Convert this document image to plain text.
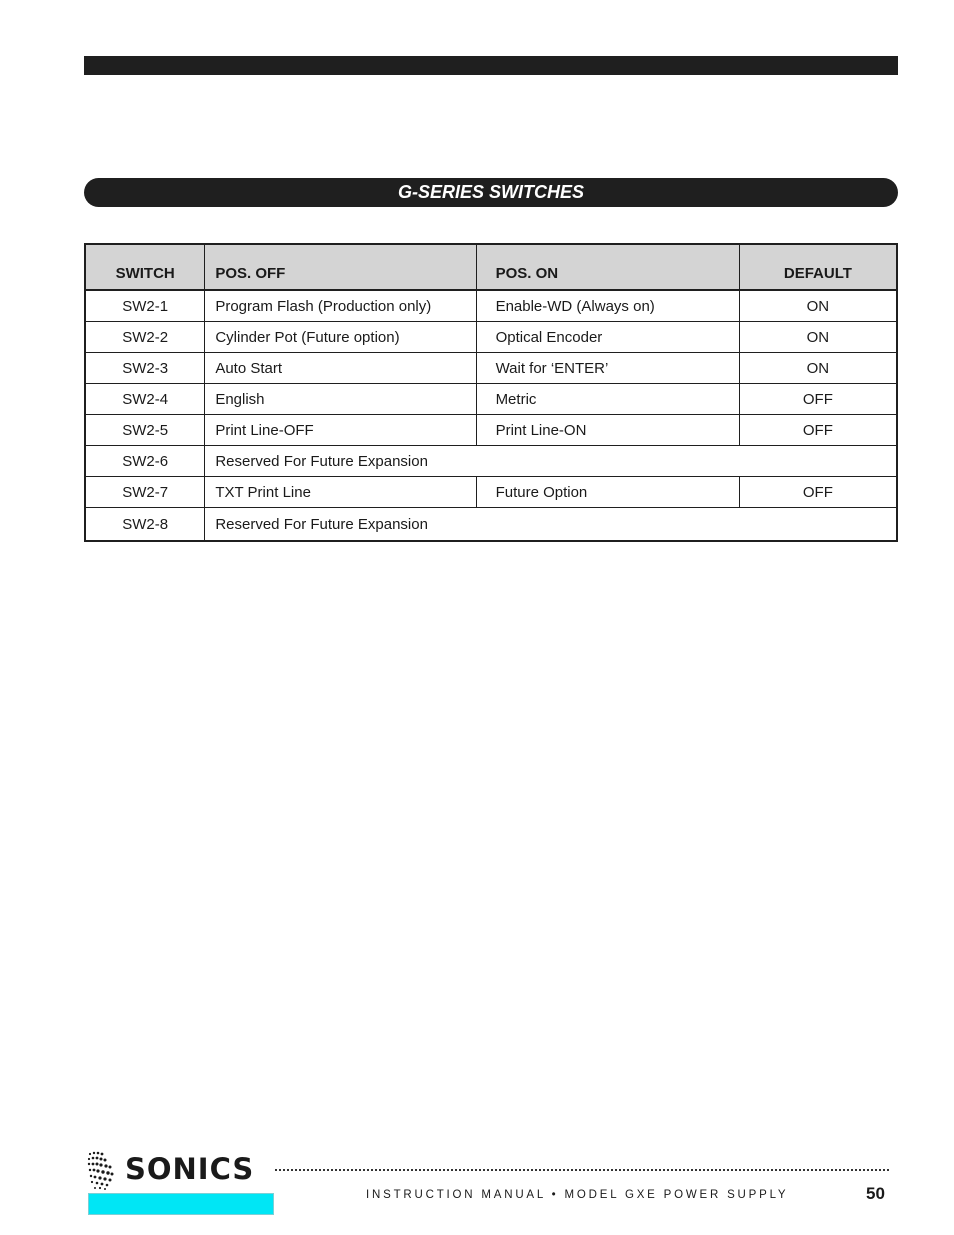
G-SERIES SWITCHES
SWITCH	POS. OFF	POS. ON	DEFAULT
SW2-1	Program Flash (Production only)	Enable-WD (Always on)	ON
SW2-2	Cylinder Pot (Future option)	Optical Encoder	ON
SW2-3	Auto Start	Wait for ‘ENTER’	ON
SW2-4	English	Metric	OFF
SW2-5	Print Line-OFF	Print Line-ON	OFF
SW2-6	Reserved For Future Expansion		
SW2-7	TXT Print Line	Future Option	OFF
SW2-8	Reserved For Future Expansion		
SONICS
INSTRUCTION MANUAL • MODEL GXE POWER SUPPLY	50
